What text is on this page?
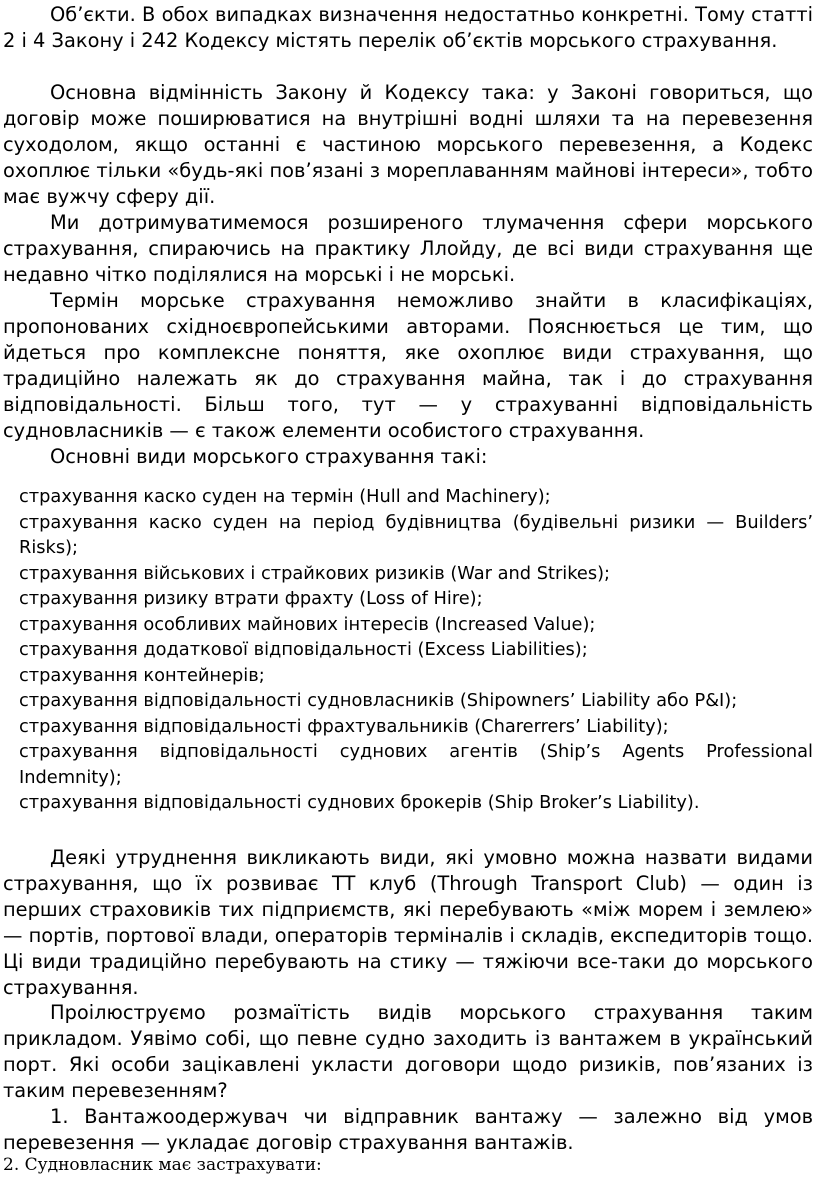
Об’єкти. В обох випадках визначення недостатньо конкретні. Тому статті 2 і 4 Закону і 242 Кодексу містять перелік об’єктів морського страхування.

Основна відмінність Закону й Кодексу така: у Законі говориться, що договір може поширюватися на внутрішні водні шляхи та на перевезення суходолом, якщо останні є частиною морського перевезення, а Кодекс охоплює тільки «будь-які пов’язані з мореплаванням майнові інтереси», тобто має вужчу сферу дії.

Ми дотримуватимемося розширеного тлумачення сфери морського страхування, спираючись на практику Ллойду, де всі види страхування ще недавно чітко поділялися на морські і не морські.

Термін морське страхування неможливо знайти в класифікаціях, пропонованих східноєвропейськими авторами. Пояснюється це тим, що йдеться про комплексне поняття, яке охоплює види страхування, що традиційно належать як до страхування майна, так і до страхування відповідальності. Більш того, тут — у страхуванні відповідальність судновласників — є також елементи особистого страхування.

Основні види морського страхування такі:

страхування каско суден на термін (Hull and Machinery);
страхування каско суден на період будівництва (будівельні ризики — Builders’ Risks);
страхування військових і страйкових ризиків (War and Strikes);
страхування ризику втрати фрахту (Loss of Hire);
страхування особливих майнових інтересів (Increased Value);
страхування додаткової відповідальності (Excess Liabilities);
страхування контейнерів;
страхування відповідальності судновласників (Shipowners’ Liability або P&I);
страхування відповідальності фрахтувальників (Charerrers’ Liability);
страхування відповідальності суднових агентів (Ship’s Agents Professional Indemnity);
страхування відповідальності суднових брокерів (Ship Broker’s Liability).

Деякі утруднення викликають види, які умовно можна назвати видами страхування, що їх розвиває TT клуб (Through Transport Club) — один із перших страховиків тих підприємств, які перебувають «між морем і землею» — портів, портової влади, операторів терміналів і складів, експедиторів тощо. Ці види традиційно перебувають на стику — тяжіючи все-таки до морського страхування.

Проілюструємо розмаїтість видів морського страхування таким прикладом. Уявімо собі, що певне судно заходить із вантажем в український порт. Які особи зацікавлені укласти договори щодо ризиків, пов’язаних із таким перевезенням?

1. Вантажоодержувач чи відправник вантажу — залежно від умов перевезення — укладає договір страхування вантажів.

2. Судновласник має застрахувати:
